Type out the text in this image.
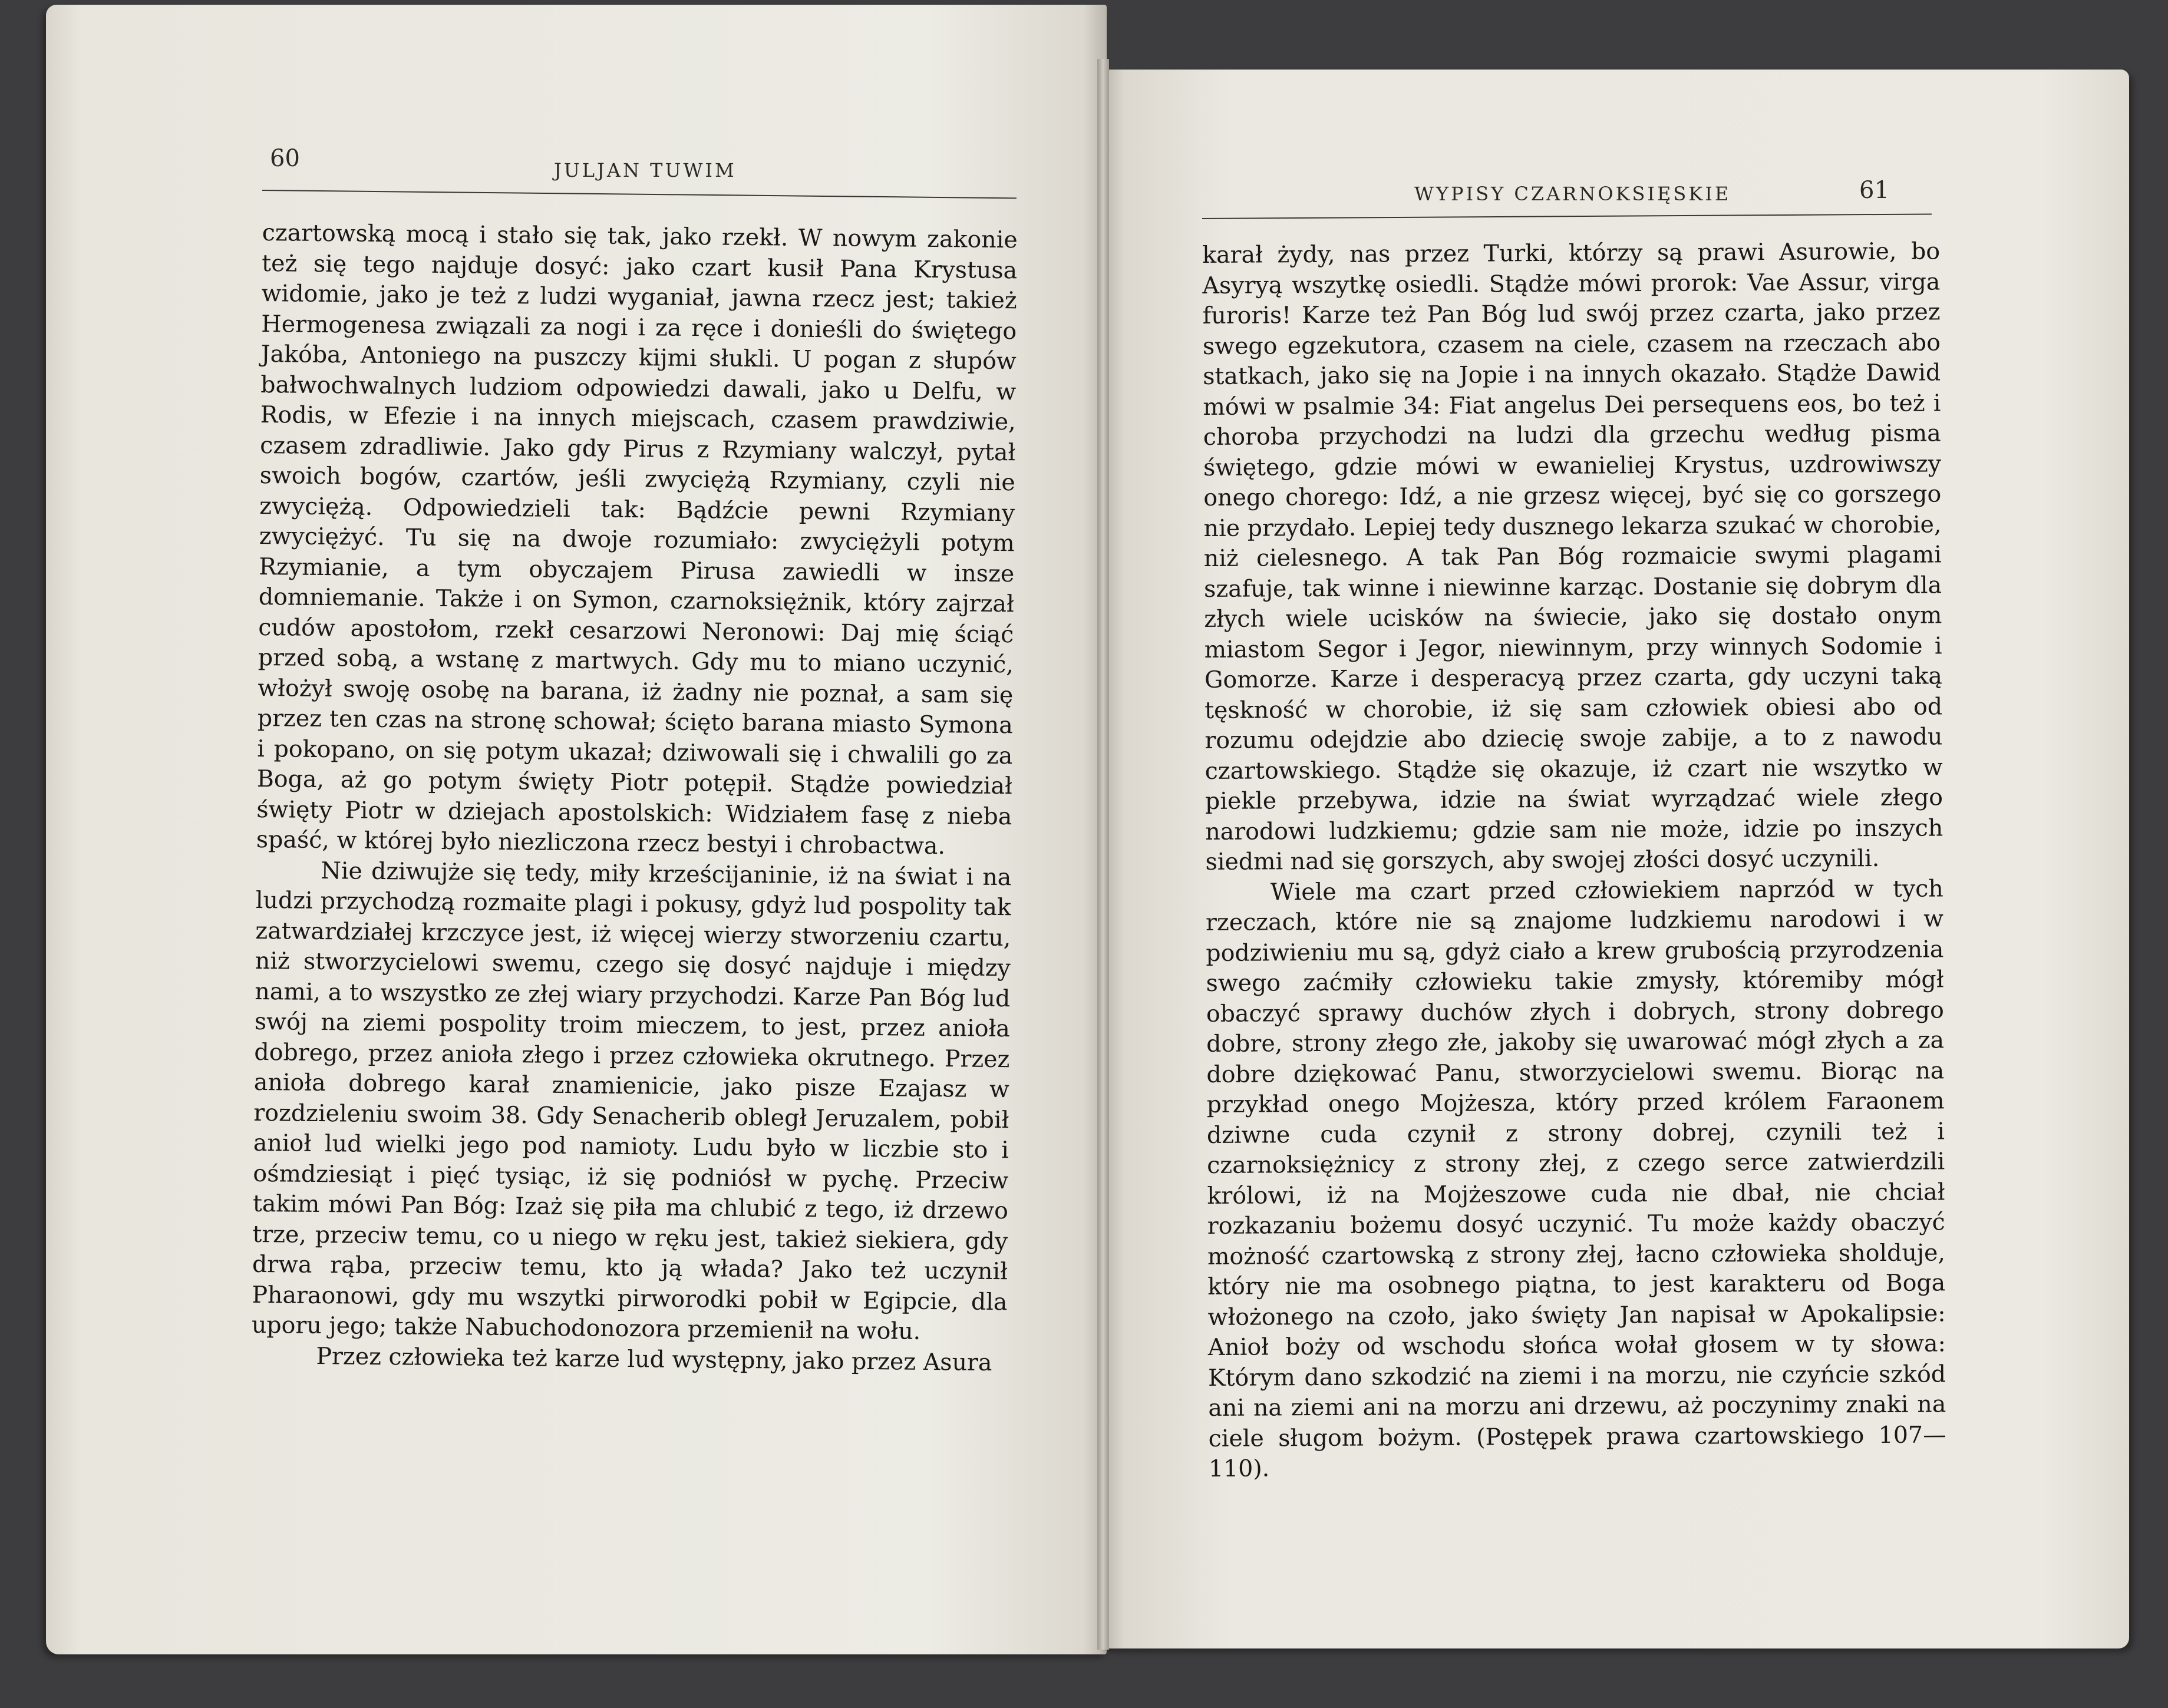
60	JULJAN TUWIM

czartowską mocą i stało się tak, jako rzekł. W nowym zakonie też się tego najduje dosyć: jako czart kusił Pana Krystusa widomie, jako je też z ludzi wyganiał, jawna rzecz jest; takież Hermogenesa związali za nogi i za ręce i donieśli do świętego Jakóba, Antoniego na puszczy kijmi słukli. U pogan z słupów bałwochwalnych ludziom odpowiedzi dawali, jako u Delfu, w Rodis, w Efezie i na innych miejscach, czasem prawdziwie, czasem zdradliwie. Jako gdy Pirus z Rzymiany walczył, pytał swoich bogów, czartów, jeśli zwyciężą Rzymiany, czyli nie zwyciężą. Odpowiedzieli tak: Bądźcie pewni Rzymiany zwyciężyć. Tu się na dwoje rozumiało: zwyciężyli potym Rzymianie, a tym obyczajem Pirusa zawiedli w insze domniemanie. Także i on Symon, czarnoksiężnik, który zajrzał cudów apostołom, rzekł cesarzowi Neronowi: Daj mię ściąć przed sobą, a wstanę z martwych. Gdy mu to miano uczynić, włożył swoję osobę na barana, iż żadny nie poznał, a sam się przez ten czas na stronę schował; ścięto barana miasto Symona i pokopano, on się potym ukazał; dziwowali się i chwalili go za Boga, aż go potym święty Piotr potępił. Stądże powiedział święty Piotr w dziejach apostolskich: Widziałem fasę z nieba spaść, w której było niezliczona rzecz bestyi i chrobactwa.

Nie dziwujże się tedy, miły krześcijaninie, iż na świat i na ludzi przychodzą rozmaite plagi i pokusy, gdyż lud pospolity tak zatwardziałej krzczyce jest, iż więcej wierzy stworzeniu czartu, niż stworzycielowi swemu, czego się dosyć najduje i między nami, a to wszystko ze złej wiary przychodzi. Karze Pan Bóg lud swój na ziemi pospolity troim mieczem, to jest, przez anioła dobrego, przez anioła złego i przez człowieka okrutnego. Przez anioła dobrego karał znamienicie, jako pisze Ezajasz w rozdzieleniu swoim 38. Gdy Senacherib obległ Jeruzalem, pobił anioł lud wielki jego pod namioty. Ludu było w liczbie sto i ośmdziesiąt i pięć tysiąc, iż się podniósł w pychę. Przeciw takim mówi Pan Bóg: Izaż się piła ma chlubić z tego, iż drzewo trze, przeciw temu, co u niego w ręku jest, takież siekiera, gdy drwa rąba, przeciw temu, kto ją włada? Jako też uczynił Pharaonowi, gdy mu wszytki pirworodki pobił w Egipcie, dla uporu jego; także Nabuchodonozora przemienił na wołu.

Przez człowieka też karze lud występny, jako przez Asura

WYPISY CZARNOKSIĘSKIE	61

karał żydy, nas przez Turki, którzy są prawi Asurowie, bo Asyryą wszytkę osiedli. Stądże mówi prorok: Vae Assur, virga furoris! Karze też Pan Bóg lud swój przez czarta, jako przez swego egzekutora, czasem na ciele, czasem na rzeczach abo statkach, jako się na Jopie i na innych okazało. Stądże Dawid mówi w psalmie 34: Fiat angelus Dei persequens eos, bo też i choroba przychodzi na ludzi dla grzechu według pisma świętego, gdzie mówi w ewanieliej Krystus, uzdrowiwszy onego chorego: Idź, a nie grzesz więcej, być się co gorszego nie przydało. Lepiej tedy dusznego lekarza szukać w chorobie, niż cielesnego. A tak Pan Bóg rozmaicie swymi plagami szafuje, tak winne i niewinne karząc. Dostanie się dobrym dla złych wiele ucisków na świecie, jako się dostało onym miastom Segor i Jegor, niewinnym, przy winnych Sodomie i Gomorze. Karze i desperacyą przez czarta, gdy uczyni taką tęskność w chorobie, iż się sam człowiek obiesi abo od rozumu odejdzie abo dziecię swoje zabije, a to z nawodu czartowskiego. Stądże się okazuje, iż czart nie wszytko w piekle przebywa, idzie na świat wyrządzać wiele złego narodowi ludzkiemu; gdzie sam nie może, idzie po inszych siedmi nad się gorszych, aby swojej złości dosyć uczynili.

Wiele ma czart przed człowiekiem naprzód w tych rzeczach, które nie są znajome ludzkiemu narodowi i w podziwieniu mu są, gdyż ciało a krew grubością przyrodzenia swego zaćmiły człowieku takie zmysły, któremiby mógł obaczyć sprawy duchów złych i dobrych, strony dobrego dobre, strony złego złe, jakoby się uwarować mógł złych a za dobre dziękować Panu, stworzycielowi swemu. Biorąc na przykład onego Mojżesza, który przed królem Faraonem dziwne cuda czynił z strony dobrej, czynili też i czarnoksiężnicy z strony złej, z czego serce zatwierdzili królowi, iż na Mojżeszowe cuda nie dbał, nie chciał rozkazaniu bożemu dosyć uczynić. Tu może każdy obaczyć możność czartowską z strony złej, łacno człowieka sholduje, który nie ma osobnego piątna, to jest karakteru od Boga włożonego na czoło, jako święty Jan napisał w Apokalipsie: Anioł boży od wschodu słońca wołał głosem w ty słowa: Którym dano szkodzić na ziemi i na morzu, nie czyńcie szkód ani na ziemi ani na morzu ani drzewu, aż poczynimy znaki na ciele sługom bożym. (Postępek prawa czartowskiego 107—110).
